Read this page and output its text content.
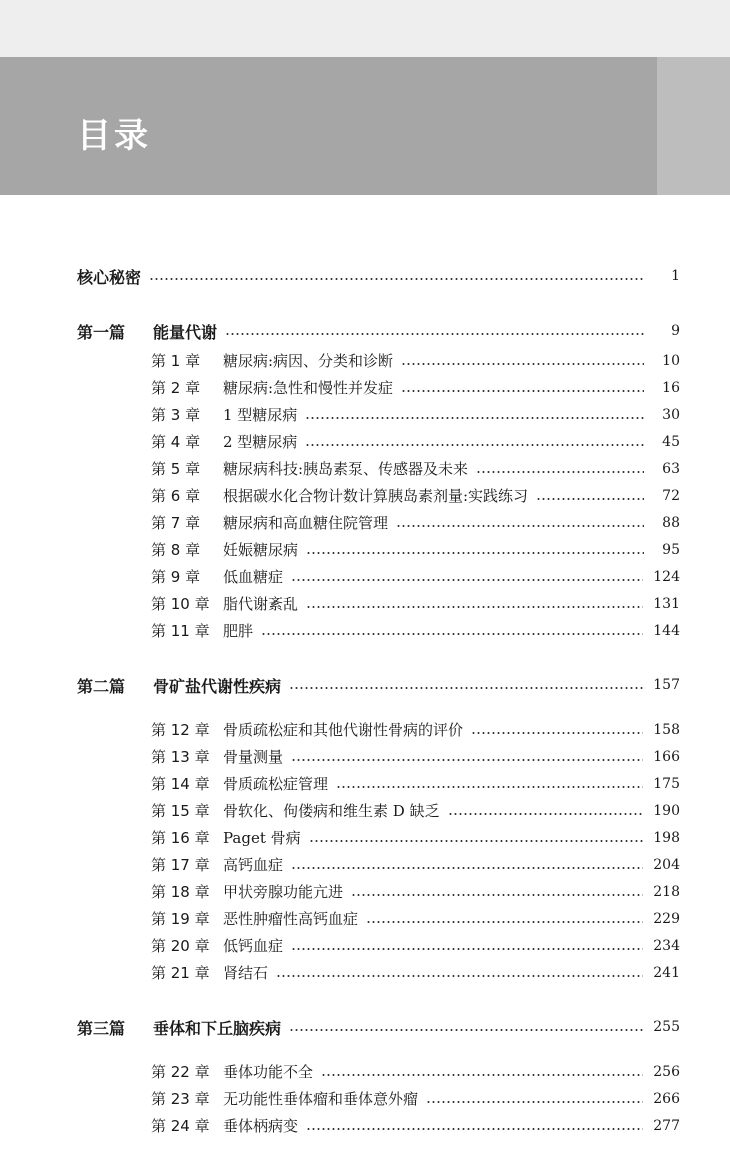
目录
核心秘密	1
第一篇	能量代谢	9
第 1 章	糖尿病:病因、分类和诊断	10
第 2 章	糖尿病:急性和慢性并发症	16
第 3 章	1 型糖尿病	30
第 4 章	2 型糖尿病	45
第 5 章	糖尿病科技:胰岛素泵、传感器及未来	63
第 6 章	根据碳水化合物计数计算胰岛素剂量:实践练习	72
第 7 章	糖尿病和高血糖住院管理	88
第 8 章	妊娠糖尿病	95
第 9 章	低血糖症	124
第 10 章 脂代谢紊乱	131
第 11 章 肥胖	144
第二篇	骨矿盐代谢性疾病	157
第 12 章 骨质疏松症和其他代谢性骨病的评价	158
第 13 章 骨量测量	166
第 14 章 骨质疏松症管理	175
第 15 章 骨软化、佝偻病和维生素 D 缺乏	190
第 16 章 Paget 骨病	198
第 17 章 高钙血症	204
第 18 章 甲状旁腺功能亢进	218
第 19 章 恶性肿瘤性高钙血症	229
第 20 章 低钙血症	234
第 21 章 肾结石	241
第三篇	垂体和下丘脑疾病	255
第 22 章 垂体功能不全	256
第 23 章 无功能性垂体瘤和垂体意外瘤	266
第 24 章 垂体柄病变	277
